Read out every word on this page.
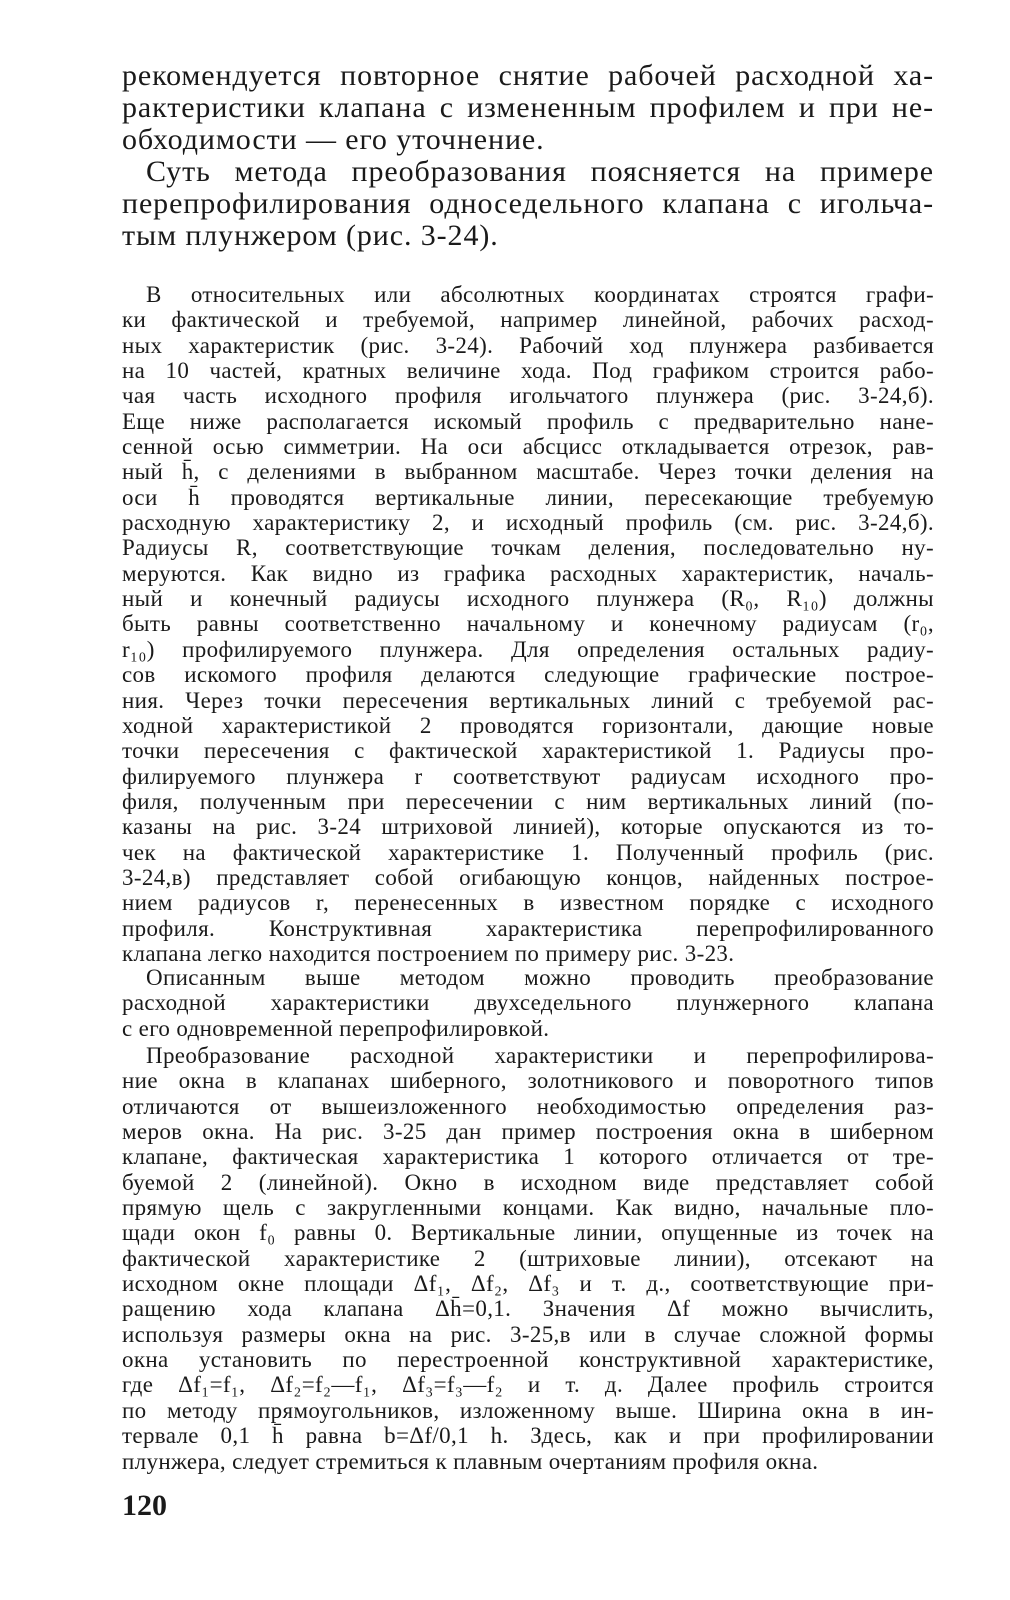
рекомендуется повторное снятие рабочей расходной ха-
рактеристики клапана с измененным профилем и при не-
обходимости — его уточнение.
Суть метода преобразования поясняется на примере
перепрофилирования односедельного клапана с игольча-
тым плунжером (рис. 3-24).
В относительных или абсолютных координатах строятся графи-
ки фактической и требуемой, например линейной, рабочих расход-
ных характеристик (рис. 3-24). Рабочий ход плунжера разбивается
на 10 частей, кратных величине хода. Под графиком строится рабо-
чая часть исходного профиля игольчатого плунжера (рис. 3-24,б).
Еще ниже располагается искомый профиль с предварительно нане-
сенной осью симметрии. На оси абсцисс откладывается отрезок, рав-
ный h̄, с делениями в выбранном масштабе. Через точки деления на
оси h̄ проводятся вертикальные линии, пересекающие требуемую
расходную характеристику 2, и исходный профиль (см. рис. 3-24,б).
Радиусы R, соответствующие точкам деления, последовательно ну-
меруются. Как видно из графика расходных характеристик, началь-
ный и конечный радиусы исходного плунжера (R₀, R₁₀) должны
быть равны соответственно начальному и конечному радиусам (r₀,
r₁₀) профилируемого плунжера. Для определения остальных радиу-
сов искомого профиля делаются следующие графические построе-
ния. Через точки пересечения вертикальных линий с требуемой рас-
ходной характеристикой 2 проводятся горизонтали, дающие новые
точки пересечения с фактической характеристикой 1. Радиусы про-
филируемого плунжера r соответствуют радиусам исходного про-
филя, полученным при пересечении с ним вертикальных линий (по-
казаны на рис. 3-24 штриховой линией), которые опускаются из то-
чек на фактической характеристике 1. Полученный профиль (рис.
3-24,в) представляет собой огибающую концов, найденных построе-
нием радиусов r, перенесенных в известном порядке с исходного
профиля. Конструктивная характеристика перепрофилированного
клапана легко находится построением по примеру рис. 3-23.
Описанным выше методом можно проводить преобразование
расходной характеристики двухседельного плунжерного клапана
с его одновременной перепрофилировкой.
Преобразование расходной характеристики и перепрофилирова-
ние окна в клапанах шиберного, золотникового и поворотного типов
отличаются от вышеизложенного необходимостью определения раз-
меров окна. На рис. 3-25 дан пример построения окна в шиберном
клапане, фактическая характеристика 1 которого отличается от тре-
буемой 2 (линейной). Окно в исходном виде представляет собой
прямую щель с закругленными концами. Как видно, начальные пло-
щади окон f₀ равны 0. Вертикальные линии, опущенные из точек на
фактической характеристике 2 (штриховые линии), отсекают на
исходном окне площади Δf₁, Δf₂, Δf₃ и т. д., соответствующие при-
ращению хода клапана Δh̄=0,1. Значения Δf можно вычислить,
используя размеры окна на рис. 3-25,в или в случае сложной формы
окна установить по перестроенной конструктивной характеристике,
где Δf₁=f₁, Δf₂=f₂—f₁, Δf₃=f₃—f₂ и т. д. Далее профиль строится
по методу прямоугольников, изложенному выше. Ширина окна в ин-
тервале 0,1 h̄ равна b=Δf/0,1 h. Здесь, как и при профилировании
плунжера, следует стремиться к плавным очертаниям профиля окна.
120
